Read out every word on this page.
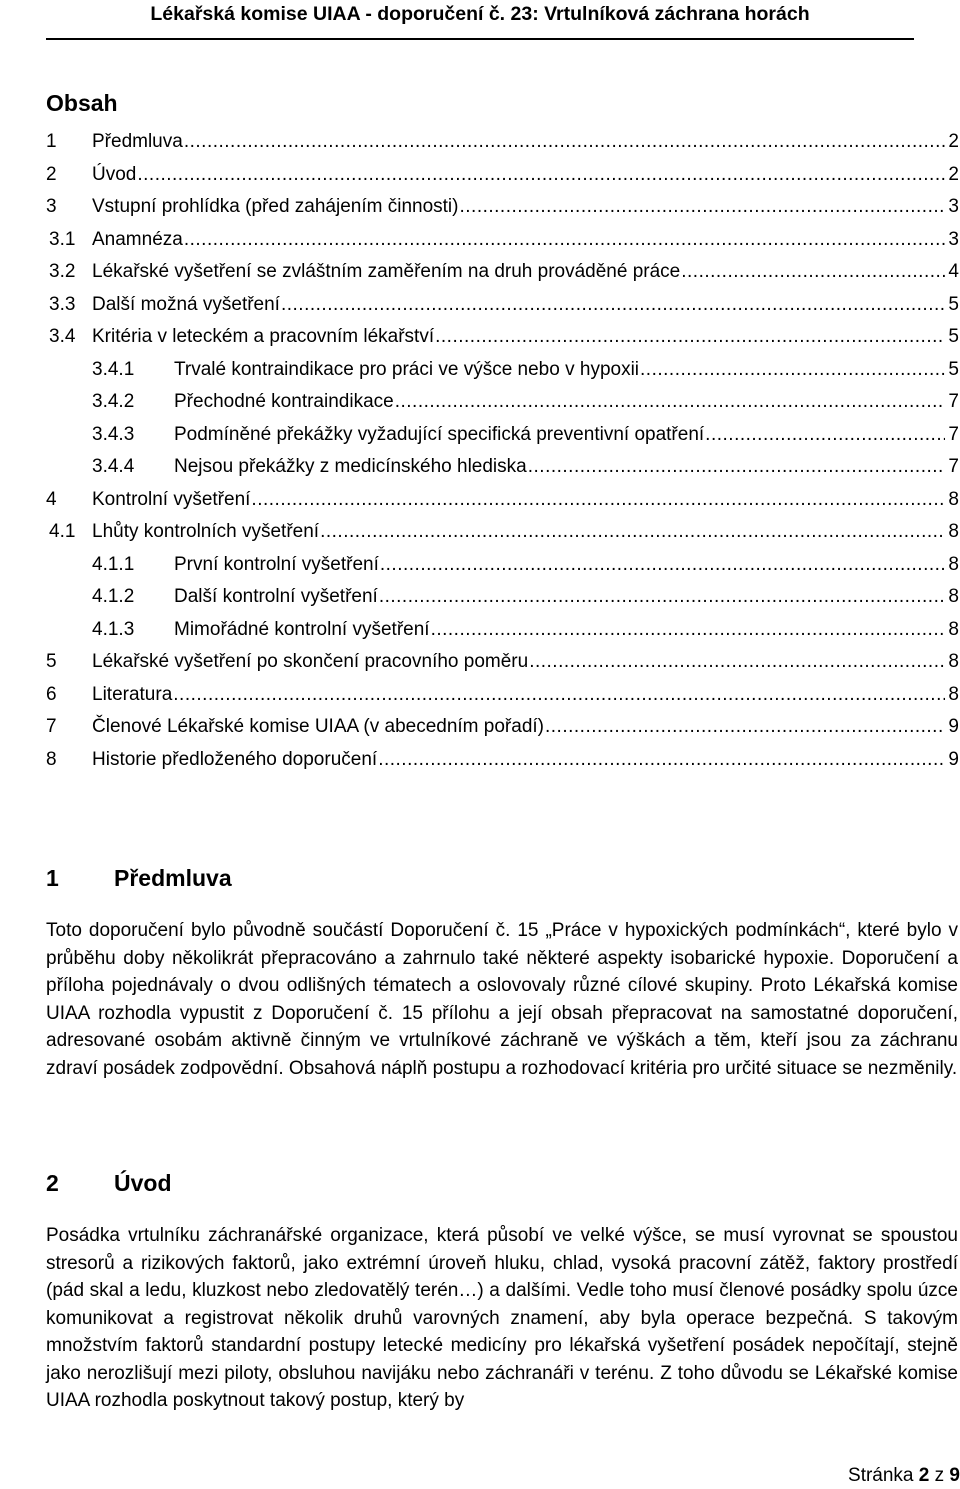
Lékařská komise UIAA - doporučení č. 23: Vrtulníková záchrana horách
Obsah
1	Předmluva .....	2
2	Úvod .....	2
3	Vstupní prohlídka (před zahájením činnosti) .....	3
3.1 Anamnéza .....	3
3.2 Lékařské vyšetření se zvláštním zaměřením na druh prováděné práce .....	4
3.3 Další možná vyšetření .....	5
3.4 Kritéria v leteckém a pracovním lékařství .....	5
3.4.1	Trvalé kontraindikace pro práci ve výšce nebo v hypoxii .....	5
3.4.2	Přechodné kontraindikace .....	7
3.4.3	Podmíněné překážky vyžadující specifická preventivní opatření .....	7
3.4.4	Nejsou překážky z medicínského hlediska .....	7
4	Kontrolní vyšetření .....	8
4.1 Lhůty kontrolních vyšetření .....	8
4.1.1	První kontrolní vyšetření .....	8
4.1.2	Další kontrolní vyšetření .....	8
4.1.3	Mimořádné kontrolní vyšetření .....	8
5	Lékařské vyšetření po skončení pracovního poměru .....	8
6	Literatura .....	8
7	Členové Lékařské komise UIAA (v abecedním pořadí) .....	9
8	Historie předloženého doporučení .....	9
1 Předmluva
Toto doporučení bylo původně součástí Doporučení č. 15 „Práce v hypoxických podmínkách“, které bylo v průběhu doby několikrát přepracováno a zahrnulo také některé aspekty isobarické hypoxie. Doporučení a příloha pojednávaly o dvou odlišných tématech a oslovovaly různé cílové skupiny. Proto Lékařská komise UIAA rozhodla vypustit z Doporučení č. 15 přílohu a její obsah přepracovat na samostatné doporučení, adresované osobám aktivně činným ve vrtulníkové záchraně ve výškách a těm, kteří jsou za záchranu zdraví posádek zodpovědní. Obsahová náplň postupu a rozhodovací kritéria pro určité situace se nezměnily.
2 Úvod
Posádka vrtulníku záchranářské organizace, která působí ve velké výšce, se musí vyrovnat se spoustou stresorů a rizikových faktorů, jako extrémní úroveň hluku, chlad, vysoká pracovní zátěž, faktory prostředí (pád skal a ledu, kluzkost nebo zledovatělý terén…) a dalšími. Vedle toho musí členové posádky spolu úzce komunikovat a registrovat několik druhů varovných znamení, aby byla operace bezpečná. S takovým množstvím faktorů standardní postupy letecké medicíny pro lékařská vyšetření posádek nepočítají, stejně jako nerozlišují mezi piloty, obsluhou navijáku nebo záchranáři v terénu. Z toho důvodu se Lékařské komise UIAA rozhodla poskytnout takový postup, který by
Stránka 2 z 9
